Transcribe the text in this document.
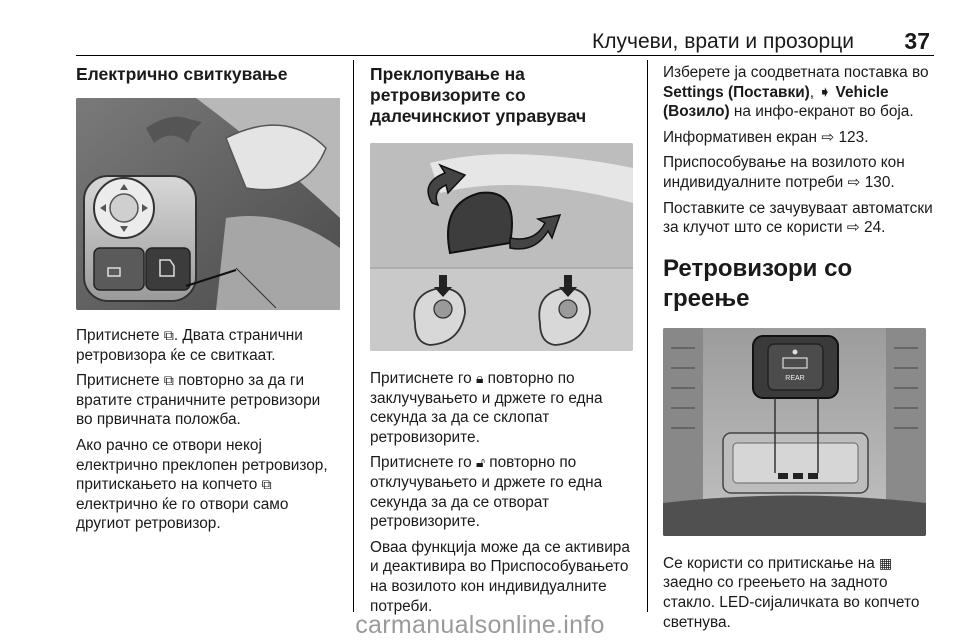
Клучеви, врати и прозорци 37
Електрично свиткување

Притиснете ⧉. Двата странични ретровизора ќе се свиткаат.

Притиснете ⧉ повторно за да ги вратите страничните ретровизори во првичната положба.

Ако рачно се отвори некој електрично преклопен ретровизор, притискањето на копчето ⧉ електрично ќе го отвори само другиот ретровизор.

Преклопување на ретровизорите со далечинскиот управувач

Притиснете го 🔒︎ повторно по заклучувањето и држете го една секунда за да се склопат ретровизорите.

Притиснете го 🔓︎ повторно по отклучувањето и држете го една секунда за да се отворат ретровизорите.

Оваа функција може да се активира и деактивира во Приспособувањето на возилото кон индивидуалните потреби.

Изберете ја соодветната поставка во Settings (Поставки), ➧ Vehicle (Возило) на инфо-екранот во боја.

Информативен екран ⇨ 123.

Приспособување на возилото кон индивидуалните потреби ⇨ 130.

Поставките се зачувуваат автоматски за клучот што се користи ⇨ 24.

Ретровизори со греење
REAR

Се користи со притискање на ▦ заедно со греењето на задното стакло. LED-сијаличката во копчето светнува.

carmanualsonline.info
